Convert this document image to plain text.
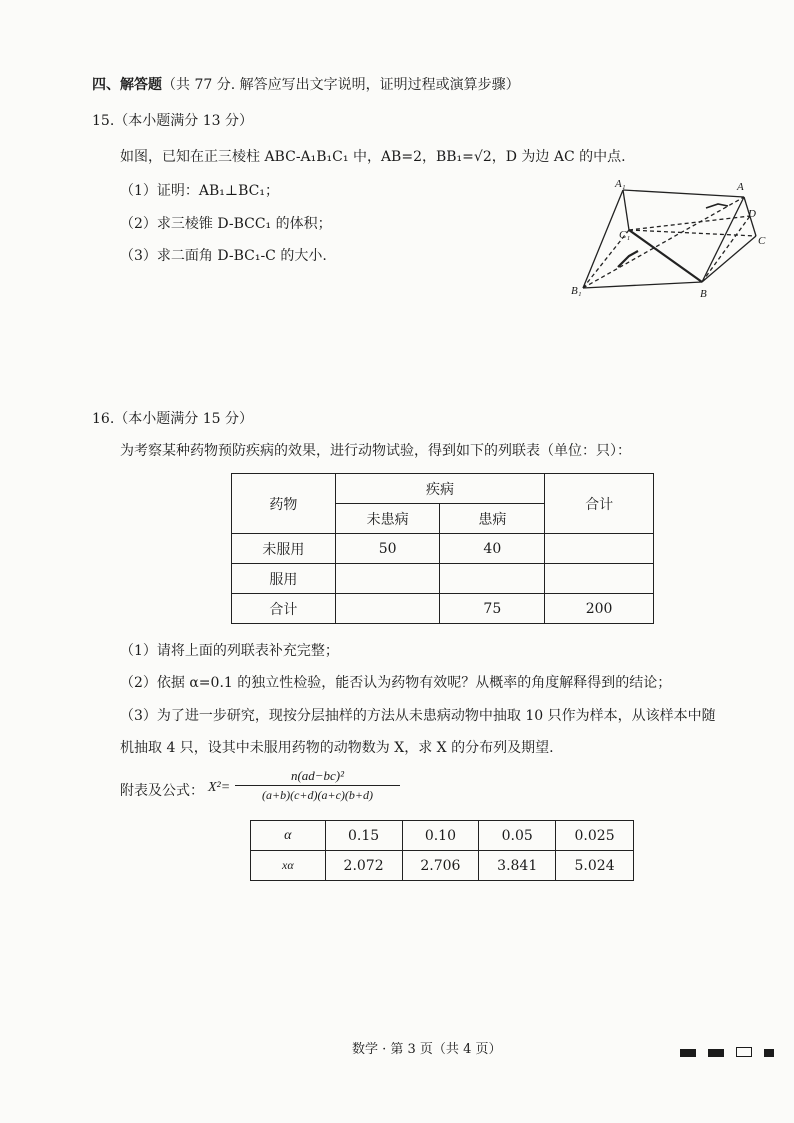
四、解答题（共 77 分. 解答应写出文字说明，证明过程或演算步骤）
15.（本小题满分 13 分）
如图，已知在正三棱柱 ABC-A₁B₁C₁ 中，AB=2，BB₁=√2，D 为边 AC 的中点.
（1）证明：AB₁⊥BC₁；
（2）求三棱锥 D-BCC₁ 的体积；
（3）求二面角 D-BC₁-C 的大小.
A₁	A
D
C₁	C
B₁	B
16.（本小题满分 15 分）
为考察某种药物预防疾病的效果，进行动物试验，得到如下的列联表（单位：只）：
药物	疾病		合计
	未患病	患病	
未服用	50	40	
服用			
合计		75	200
（1）请将上面的列联表补充完整；
（2）依据 α=0.1 的独立性检验，能否认为药物有效呢？从概率的角度解释得到的结论；
（3）为了进一步研究，现按分层抽样的方法从未患病动物中抽取 10 只作为样本，从该样本中随
机抽取 4 只，设其中未服用药物的动物数为 X，求 X 的分布列及期望.
附表及公式： X²=
n(ad−bc)²
(a+b)(c+d)(a+c)(b+d)
α	0.15	0.10	0.05	0.025
xα	2.072	2.706	3.841	5.024
数学 · 第 3 页（共 4 页）
